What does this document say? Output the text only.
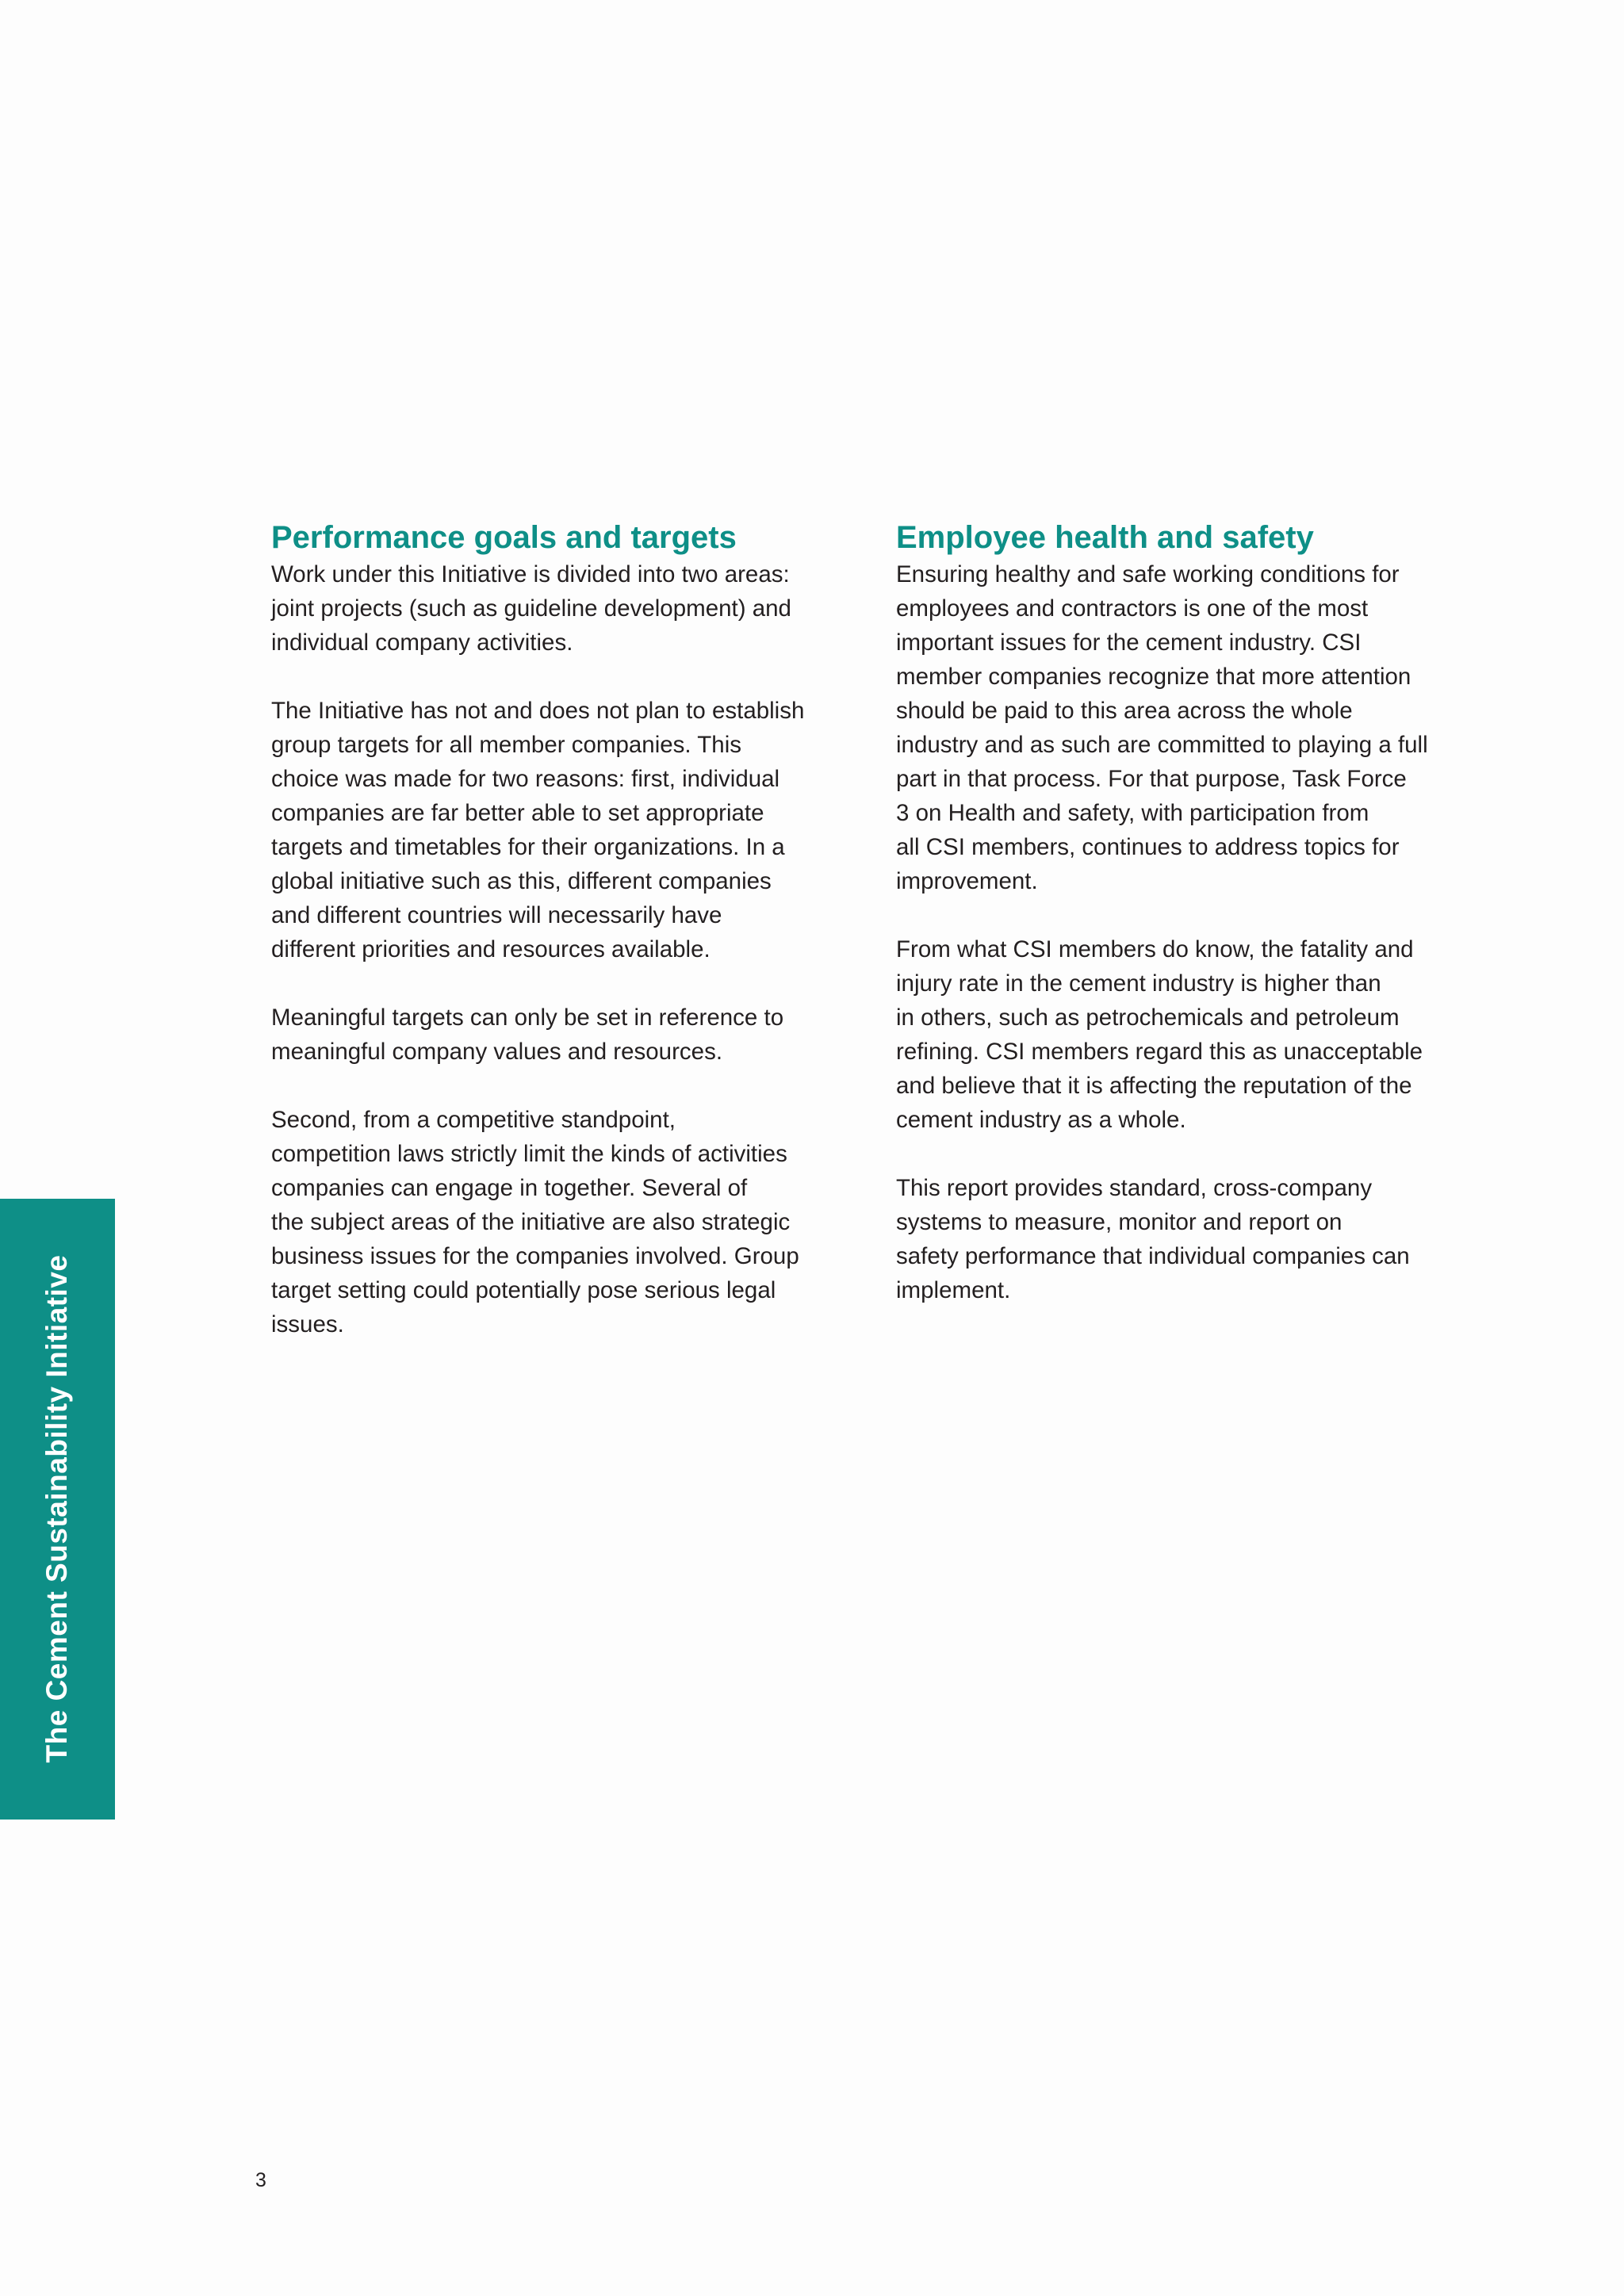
Performance goals and targets

Work under this Initiative is divided into two areas:
joint projects (such as guideline development) and
individual company activities.

The Initiative has not and does not plan to establish
group targets for all member companies. This
choice was made for two reasons: first, individual
companies are far better able to set appropriate
targets and timetables for their organizations. In a
global initiative such as this, different companies
and different countries will necessarily have
different priorities and resources available.

Meaningful targets can only be set in reference to
meaningful company values and resources.

Second, from a competitive standpoint,
competition laws strictly limit the kinds of activities
companies can engage in together. Several of
the subject areas of the initiative are also strategic
business issues for the companies involved. Group
target setting could potentially pose serious legal
issues.

Employee health and safety

Ensuring healthy and safe working conditions for
employees and contractors is one of the most
important issues for the cement industry. CSI
member companies recognize that more attention
should be paid to this area across the whole
industry and as such are committed to playing a full
part in that process. For that purpose, Task Force
3 on Health and safety, with participation from
all CSI members, continues to address topics for
improvement.

From what CSI members do know, the fatality and
injury rate in the cement industry is higher than
in others, such as petrochemicals and petroleum
refining. CSI members regard this as unacceptable
and believe that it is affecting the reputation of the
cement industry as a whole.

This report provides standard, cross-company
systems to measure, monitor and report on
safety performance that individual companies can
implement.

The Cement Sustainability Initiative
3
